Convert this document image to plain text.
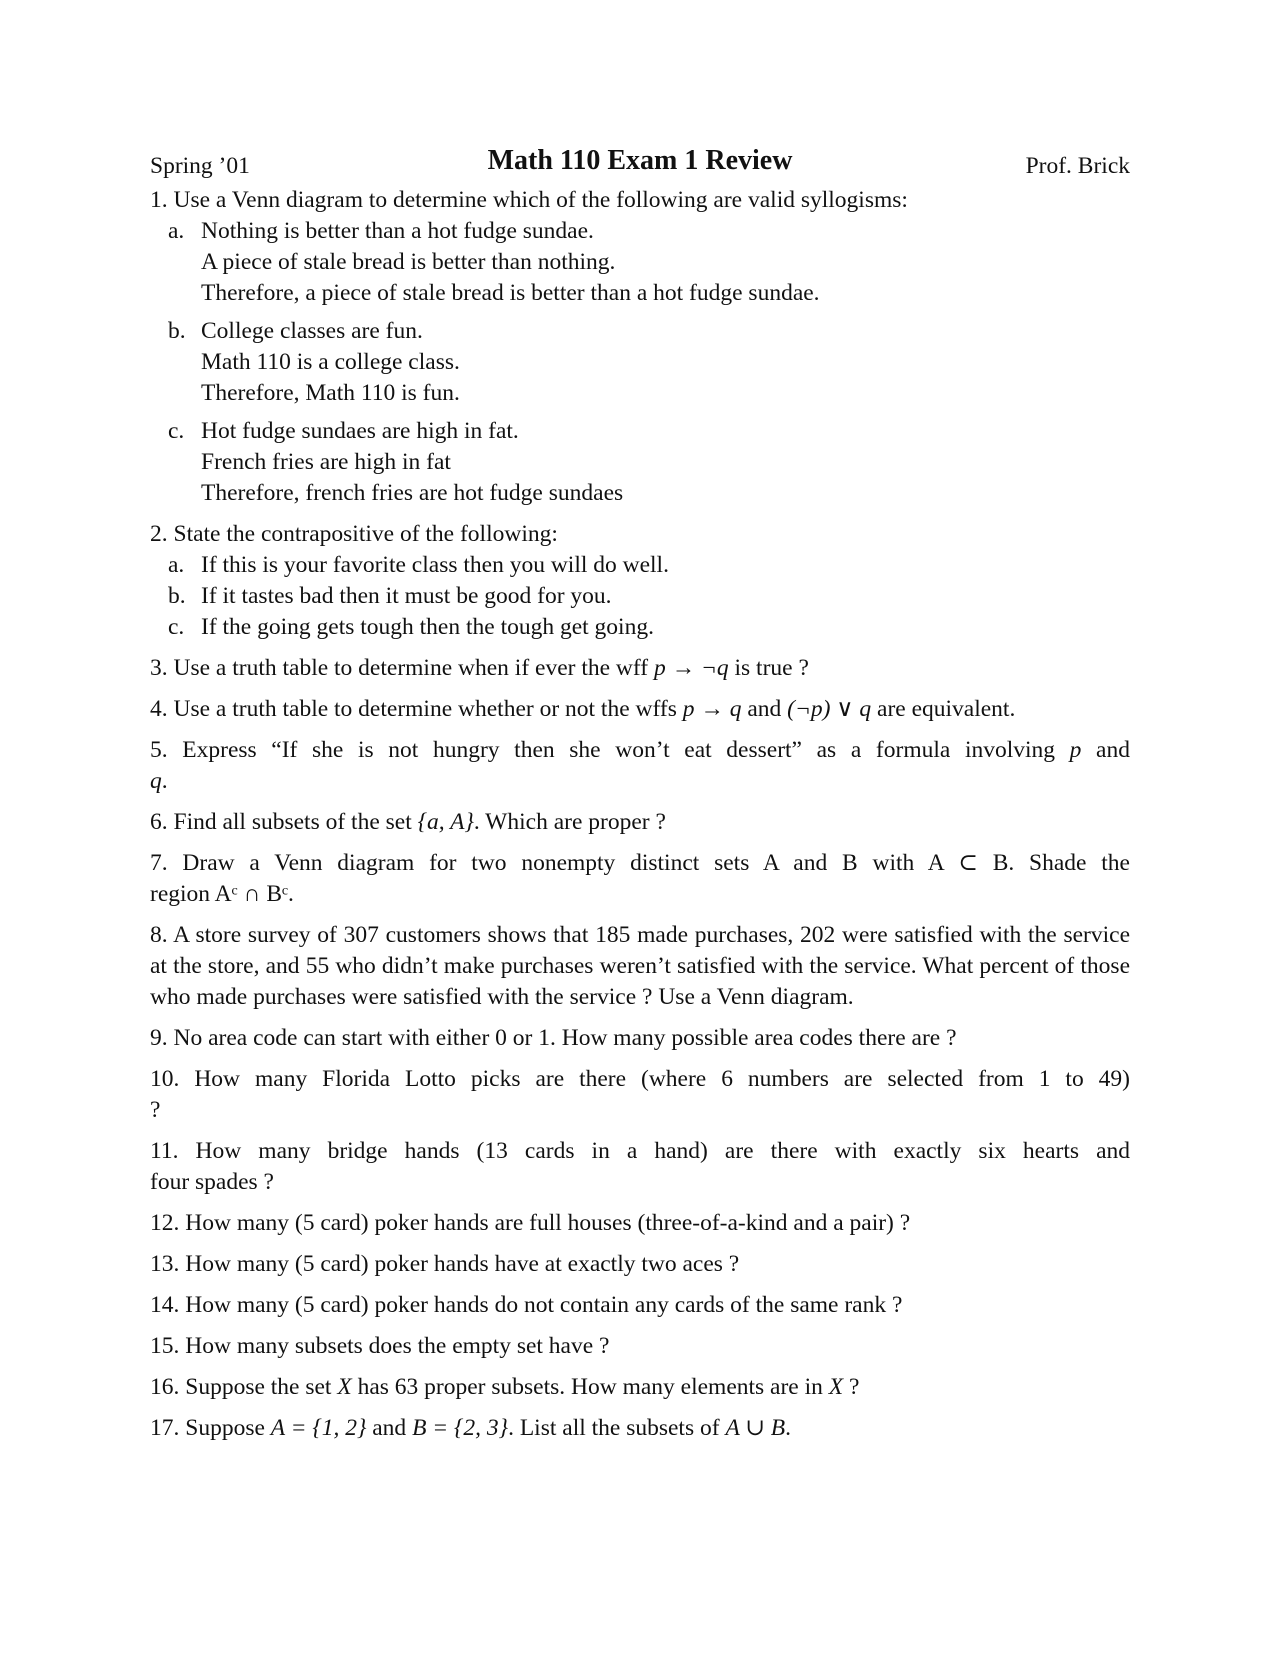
Spring ’01	Math 110 Exam 1 Review	Prof. Brick
1. Use a Venn diagram to determine which of the following are valid syllogisms:
a. Nothing is better than a hot fudge sundae.
A piece of stale bread is better than nothing.
Therefore, a piece of stale bread is better than a hot fudge sundae.
b. College classes are fun.
Math 110 is a college class.
Therefore, Math 110 is fun.
c. Hot fudge sundaes are high in fat.
French fries are high in fat
Therefore, french fries are hot fudge sundaes
2. State the contrapositive of the following:
a. If this is your favorite class then you will do well.
b. If it tastes bad then it must be good for you.
c. If the going gets tough then the tough get going.
3. Use a truth table to determine when if ever the wff p → ¬q is true ?
4. Use a truth table to determine whether or not the wffs p → q and (¬p) ∨ q are equivalent.
5. Express “If she is not hungry then she won’t eat dessert” as a formula involving p and
q.
6. Find all subsets of the set {a, A}. Which are proper ?
7. Draw a Venn diagram for two nonempty distinct sets A and B with A ⊂ B. Shade the
region Aᶜ ∩ Bᶜ.
8. A store survey of 307 customers shows that 185 made purchases, 202 were satisfied with the service at the store, and 55 who didn’t make purchases weren’t satisfied with the service. What percent of those who made purchases were satisfied with the service ? Use a Venn diagram.
9. No area code can start with either 0 or 1. How many possible area codes there are ?
10. How many Florida Lotto picks are there (where 6 numbers are selected from 1 to 49)
?
11. How many bridge hands (13 cards in a hand) are there with exactly six hearts and
four spades ?
12. How many (5 card) poker hands are full houses (three-of-a-kind and a pair) ?
13. How many (5 card) poker hands have at exactly two aces ?
14. How many (5 card) poker hands do not contain any cards of the same rank ?
15. How many subsets does the empty set have ?
16. Suppose the set X has 63 proper subsets. How many elements are in X ?
17. Suppose A = {1, 2} and B = {2, 3}. List all the subsets of A ∪ B.
